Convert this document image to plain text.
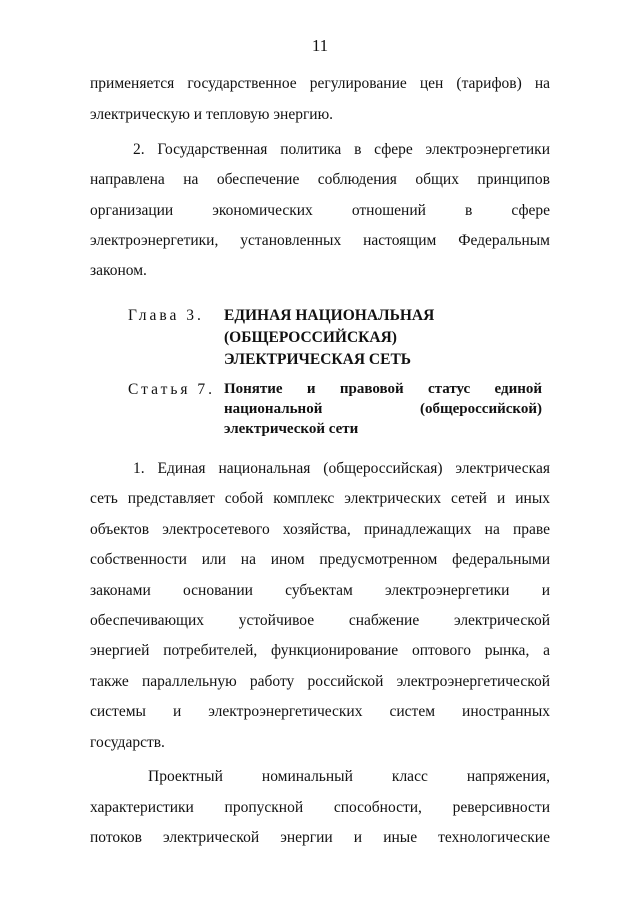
11
применяется государственное регулирование цен (тарифов) на
электрическую и тепловую энергию.
2. Государственная политика в сфере электроэнергетики
направлена на обеспечение соблюдения общих принципов
организации экономических отношений в сфере
электроэнергетики, установленных настоящим Федеральным
законом.
Глава 3. ЕДИНАЯ НАЦИОНАЛЬНАЯ
(ОБЩЕРОССИЙСКАЯ)
ЭЛЕКТРИЧЕСКАЯ СЕТЬ
Статья 7. Понятие и правовой статус единой
национальной (общероссийской)
электрической сети
1. Единая национальная (общероссийская) электрическая
сеть представляет собой комплекс электрических сетей и иных
объектов электросетевого хозяйства, принадлежащих на праве
собственности или на ином предусмотренном федеральными
законами основании субъектам электроэнергетики и
обеспечивающих устойчивое снабжение электрической
энергией потребителей, функционирование оптового рынка, а
также параллельную работу российской электроэнергетической
системы и электроэнергетических систем иностранных
государств.
Проектный номинальный класс напряжения,
характеристики пропускной способности, реверсивности
потоков электрической энергии и иные технологические
